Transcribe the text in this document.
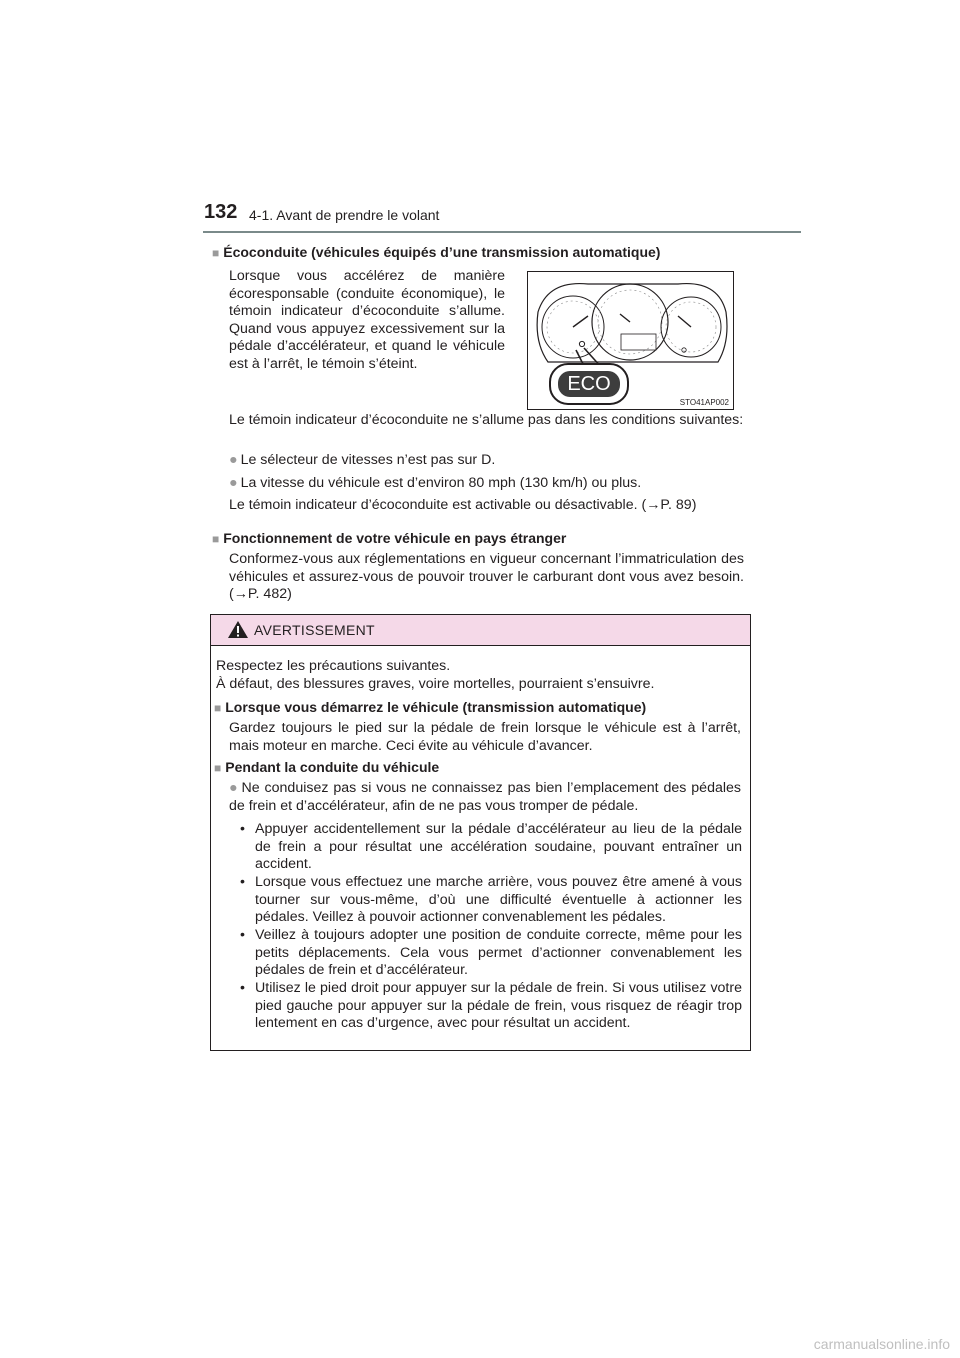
132 4-1. Avant de prendre le volant
■ Écoconduite (véhicules équipés d’une transmission automatique)
Lorsque vous accélérez de manière écoresponsable (conduite économique), le témoin indicateur d’écoconduite s’allume. Quand vous appuyez excessivement sur la pédale d’accélérateur, et quand le véhicule est à l’arrêt, le témoin s’éteint.
ECO
STO41AP002
Le témoin indicateur d’écoconduite ne s’allume pas dans les conditions suivantes:
● Le sélecteur de vitesses n’est pas sur D.
● La vitesse du véhicule est d’environ 80 mph (130 km/h) ou plus.
Le témoin indicateur d’écoconduite est activable ou désactivable. (→P. 89)
■ Fonctionnement de votre véhicule en pays étranger
Conformez-vous aux réglementations en vigueur concernant l’immatriculation des véhicules et assurez-vous de pouvoir trouver le carburant dont vous avez besoin. (→P. 482)
AVERTISSEMENT
Respectez les précautions suivantes.
À défaut, des blessures graves, voire mortelles, pourraient s’ensuivre.
■ Lorsque vous démarrez le véhicule (transmission automatique)
Gardez toujours le pied sur la pédale de frein lorsque le véhicule est à l’arrêt, mais moteur en marche. Ceci évite au véhicule d’avancer.
■ Pendant la conduite du véhicule
● Ne conduisez pas si vous ne connaissez pas bien l’emplacement des pédales de frein et d’accélérateur, afin de ne pas vous tromper de pédale.
• Appuyer accidentellement sur la pédale d’accélérateur au lieu de la pédale de frein a pour résultat une accélération soudaine, pouvant entraîner un accident.
• Lorsque vous effectuez une marche arrière, vous pouvez être amené à vous tourner sur vous-même, d’où une difficulté éventuelle à actionner les pédales. Veillez à pouvoir actionner convenablement les pédales.
• Veillez à toujours adopter une position de conduite correcte, même pour les petits déplacements. Cela vous permet d’actionner convenablement les pédales de frein et d’accélérateur.
• Utilisez le pied droit pour appuyer sur la pédale de frein. Si vous utilisez votre pied gauche pour appuyer sur la pédale de frein, vous risquez de réagir trop lentement en cas d’urgence, avec pour résultat un accident.
carmanualsonline.info
